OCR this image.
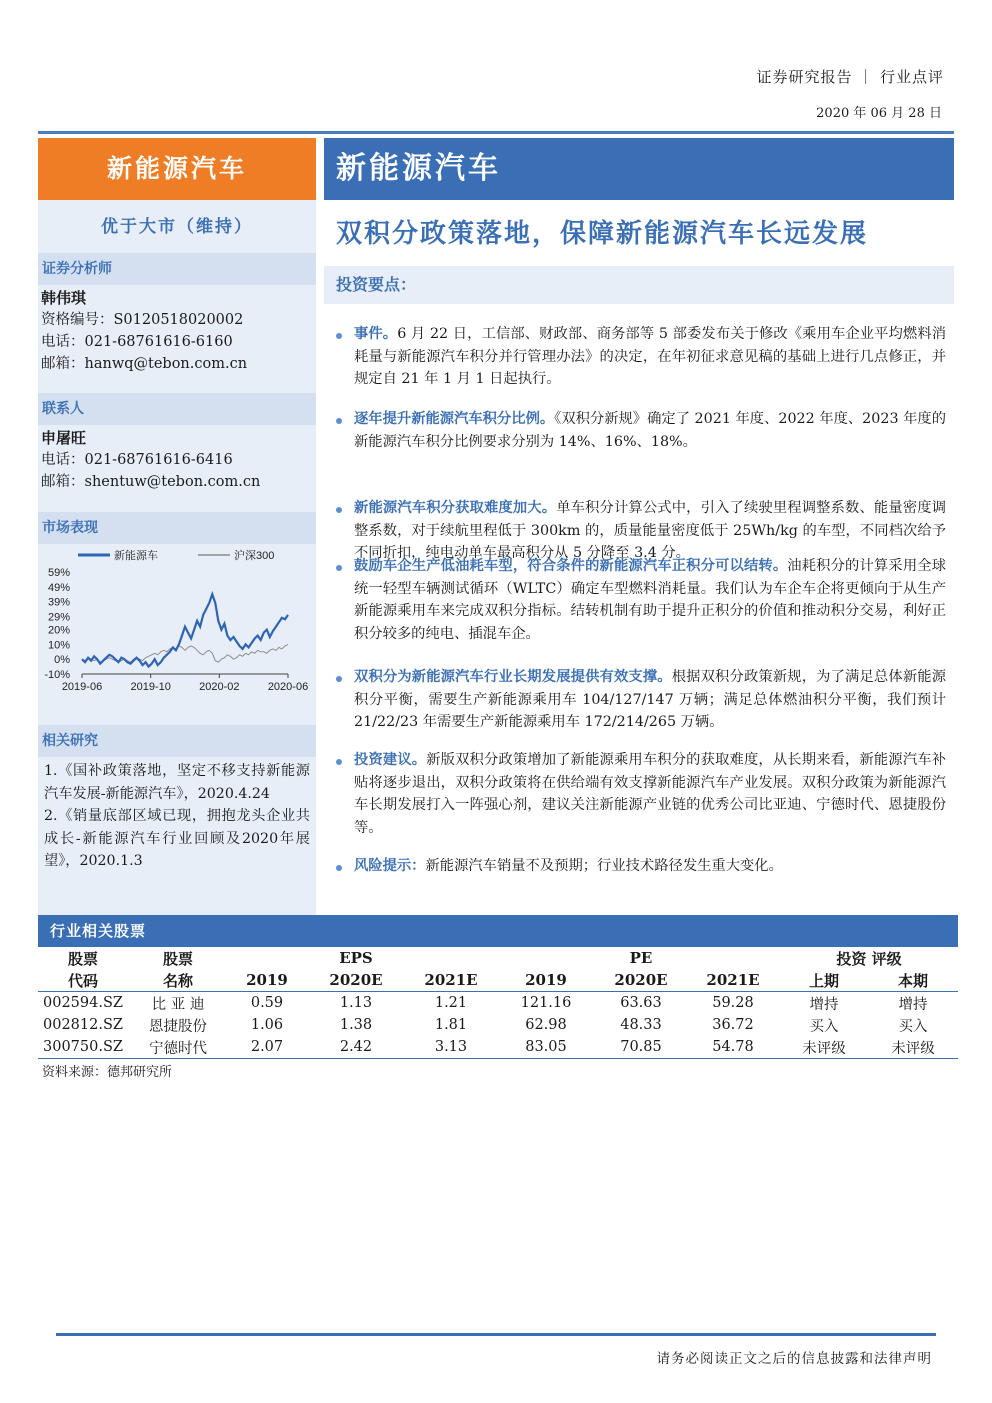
证券研究报告 ｜ 行业点评
2020 年 06 月 28 日
新能源汽车
优于大市（维持）
证券分析师
韩伟琪
资格编号：S0120518020002
电话：021-68761616-6160
邮箱：hanwq@tebon.com.cn
联系人
申屠旺
电话：021-68761616-6416
邮箱：shentuw@tebon.com.cn
市场表现
新能源车	沪深300
59%
49%
39%
29%
20%
10%
0%
-10%
2019-06	2019-10	2020-02	2020-06
相关研究
1.《国补政策落地，坚定不移支持新能源汽车发展-新能源汽车》，2020.4.24
2.《销量底部区域已现，拥抱龙头企业共成长-新能源汽车行业回顾及2020年展望》，2020.1.3
新能源汽车
双积分政策落地，保障新能源汽车长远发展
投资要点：
事件。6 月 22 日，工信部、财政部、商务部等 5 部委发布关于修改《乘用车企业平均燃料消耗量与新能源汽车积分并行管理办法》的决定，在年初征求意见稿的基础上进行几点修正，并规定自 21 年 1 月 1 日起执行。
逐年提升新能源汽车积分比例。《双积分新规》确定了 2021 年度、2022 年度、2023 年度的新能源汽车积分比例要求分别为 14%、16%、18%。
新能源汽车积分获取难度加大。单车积分计算公式中，引入了续驶里程调整系数、能量密度调整系数，对于续航里程低于 300km 的，质量能量密度低于 25Wh/kg 的车型，不同档次给予不同折扣，纯电动单车最高积分从 5 分降至 3.4 分。
鼓励车企生产低油耗车型，符合条件的新能源汽车正积分可以结转。油耗积分的计算采用全球统一轻型车辆测试循环（WLTC）确定车型燃料消耗量。我们认为车企车企将更倾向于从生产新能源乘用车来完成双积分指标。结转机制有助于提升正积分的价值和推动积分交易，利好正积分较多的纯电、插混车企。
双积分为新能源汽车行业长期发展提供有效支撑。根据双积分政策新规，为了满足总体新能源积分平衡，需要生产新能源乘用车 104/127/147 万辆；满足总体燃油积分平衡，我们预计 21/22/23 年需要生产新能源乘用车 172/214/265 万辆。
投资建议。新版双积分政策增加了新能源乘用车积分的获取难度，从长期来看，新能源汽车补贴将逐步退出，双积分政策将在供给端有效支撑新能源汽车产业发展。双积分政策为新能源汽车长期发展打入一阵强心剂，建议关注新能源产业链的优秀公司比亚迪、宁德时代、恩捷股份等。
风险提示：新能源汽车销量不及预期；行业技术路径发生重大变化。
行业相关股票
股票	股票		EPS			PE		投资 评级	
代码	名称	2019	2020E	2021E	2019	2020E	2021E	上期	本期
002594.SZ	比 亚 迪	0.59	1.13	1.21	121.16	63.63	59.28	增持	增持
002812.SZ	恩捷股份	1.06	1.38	1.81	62.98	48.33	36.72	买入	买入
300750.SZ	宁德时代	2.07	2.42	3.13	83.05	70.85	54.78	未评级	未评级
资料来源：德邦研究所
请务必阅读正文之后的信息披露和法律声明
